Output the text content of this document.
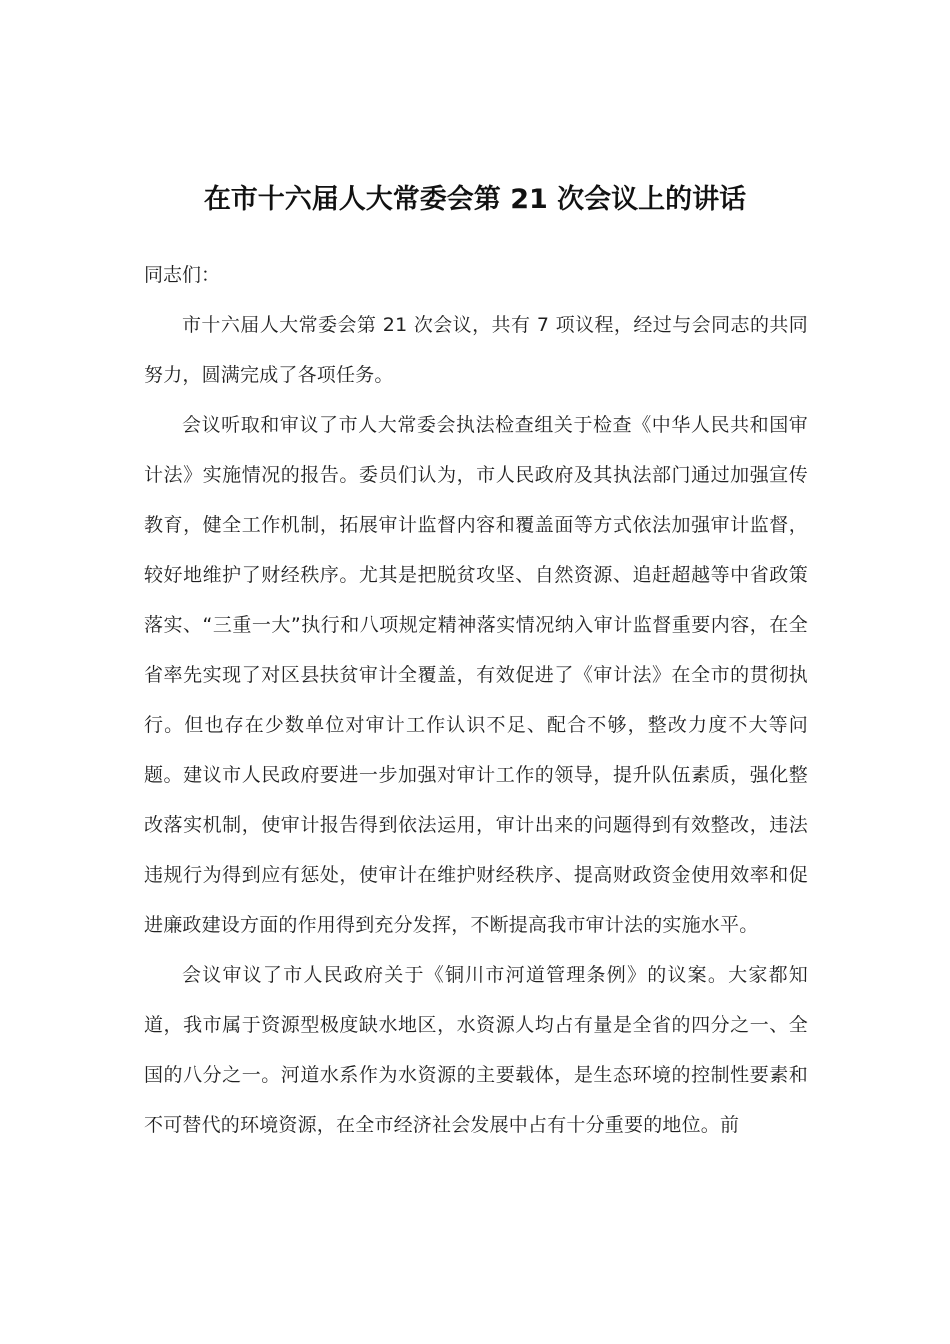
在市十六届人大常委会第 21 次会议上的讲话

同志们：

市十六届人大常委会第 21 次会议，共有 7 项议程，经过与会同志的共同努力，圆满完成了各项任务。

会议听取和审议了市人大常委会执法检查组关于检查《中华人民共和国审计法》实施情况的报告。委员们认为，市人民政府及其执法部门通过加强宣传教育，健全工作机制，拓展审计监督内容和覆盖面等方式依法加强审计监督，较好地维护了财经秩序。尤其是把脱贫攻坚、自然资源、追赶超越等中省政策落实、“三重一大”执行和八项规定精神落实情况纳入审计监督重要内容，在全省率先实现了对区县扶贫审计全覆盖，有效促进了《审计法》在全市的贯彻执行。但也存在少数单位对审计工作认识不足、配合不够，整改力度不大等问题。建议市人民政府要进一步加强对审计工作的领导，提升队伍素质，强化整改落实机制，使审计报告得到依法运用，审计出来的问题得到有效整改，违法违规行为得到应有惩处，使审计在维护财经秩序、提高财政资金使用效率和促进廉政建设方面的作用得到充分发挥，不断提高我市审计法的实施水平。

会议审议了市人民政府关于《铜川市河道管理条例》的议案。大家都知道，我市属于资源型极度缺水地区，水资源人均占有量是全省的四分之一、全国的八分之一。河道水系作为水资源的主要载体，是生态环境的控制性要素和不可替代的环境资源，在全市经济社会发展中占有十分重要的地位。前
